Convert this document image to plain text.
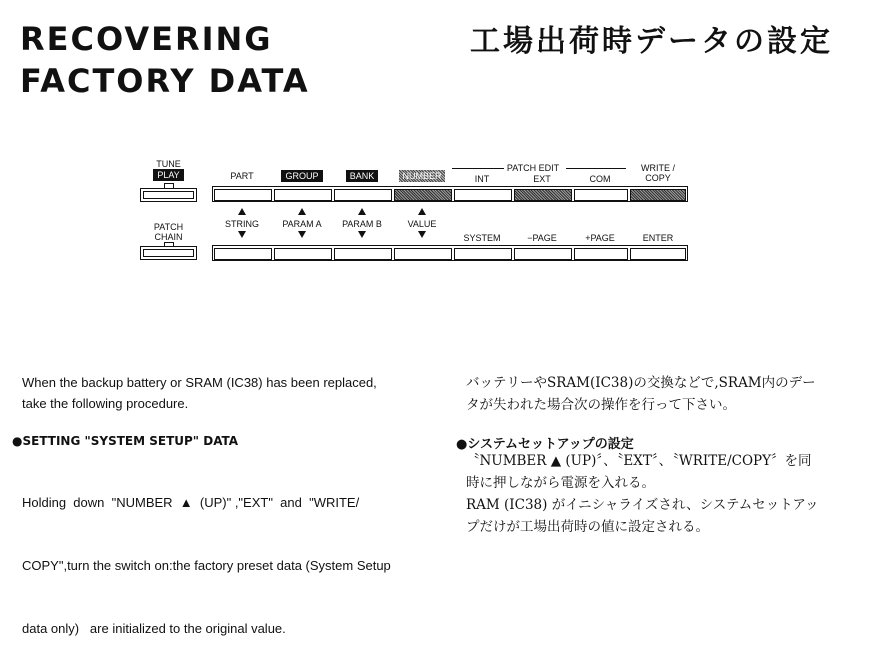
RECOVERING
FACTORY DATA
工場出荷時データの設定
TUNE
PLAY
PATCH
CHAIN
PART	GROUP	BANK	NUMBER
PATCH EDIT
INT	EXT	COM
WRITE /
COPY
STRING	PARAM A	PARAM B	VALUE
SYSTEM	−PAGE	+PAGE	ENTER
When the backup battery or SRAM (IC38) has been replaced,
take the following procedure.
●SETTING "SYSTEM SETUP" DATA

Holding  down  "NUMBER  ▲  (UP)" ,"EXT"  and  "WRITE/

COPY",turn the switch on:the factory preset data (System Setup

data only)   are initialized to the original value.

バッテリーやSRAM(IC38)の交換などで,SRAM内のデー
タが失われた場合次の操作を行って下さい。
●システムセットアップの設定
〝NUMBER ▲ (UP)〞、〝EXT〞、〝WRITE/COPY〞を同
時に押しながら電源を入れる。
RAM (IC38) がイニシャライズされ、システムセットアッ
プだけが工場出荷時の値に設定される。
